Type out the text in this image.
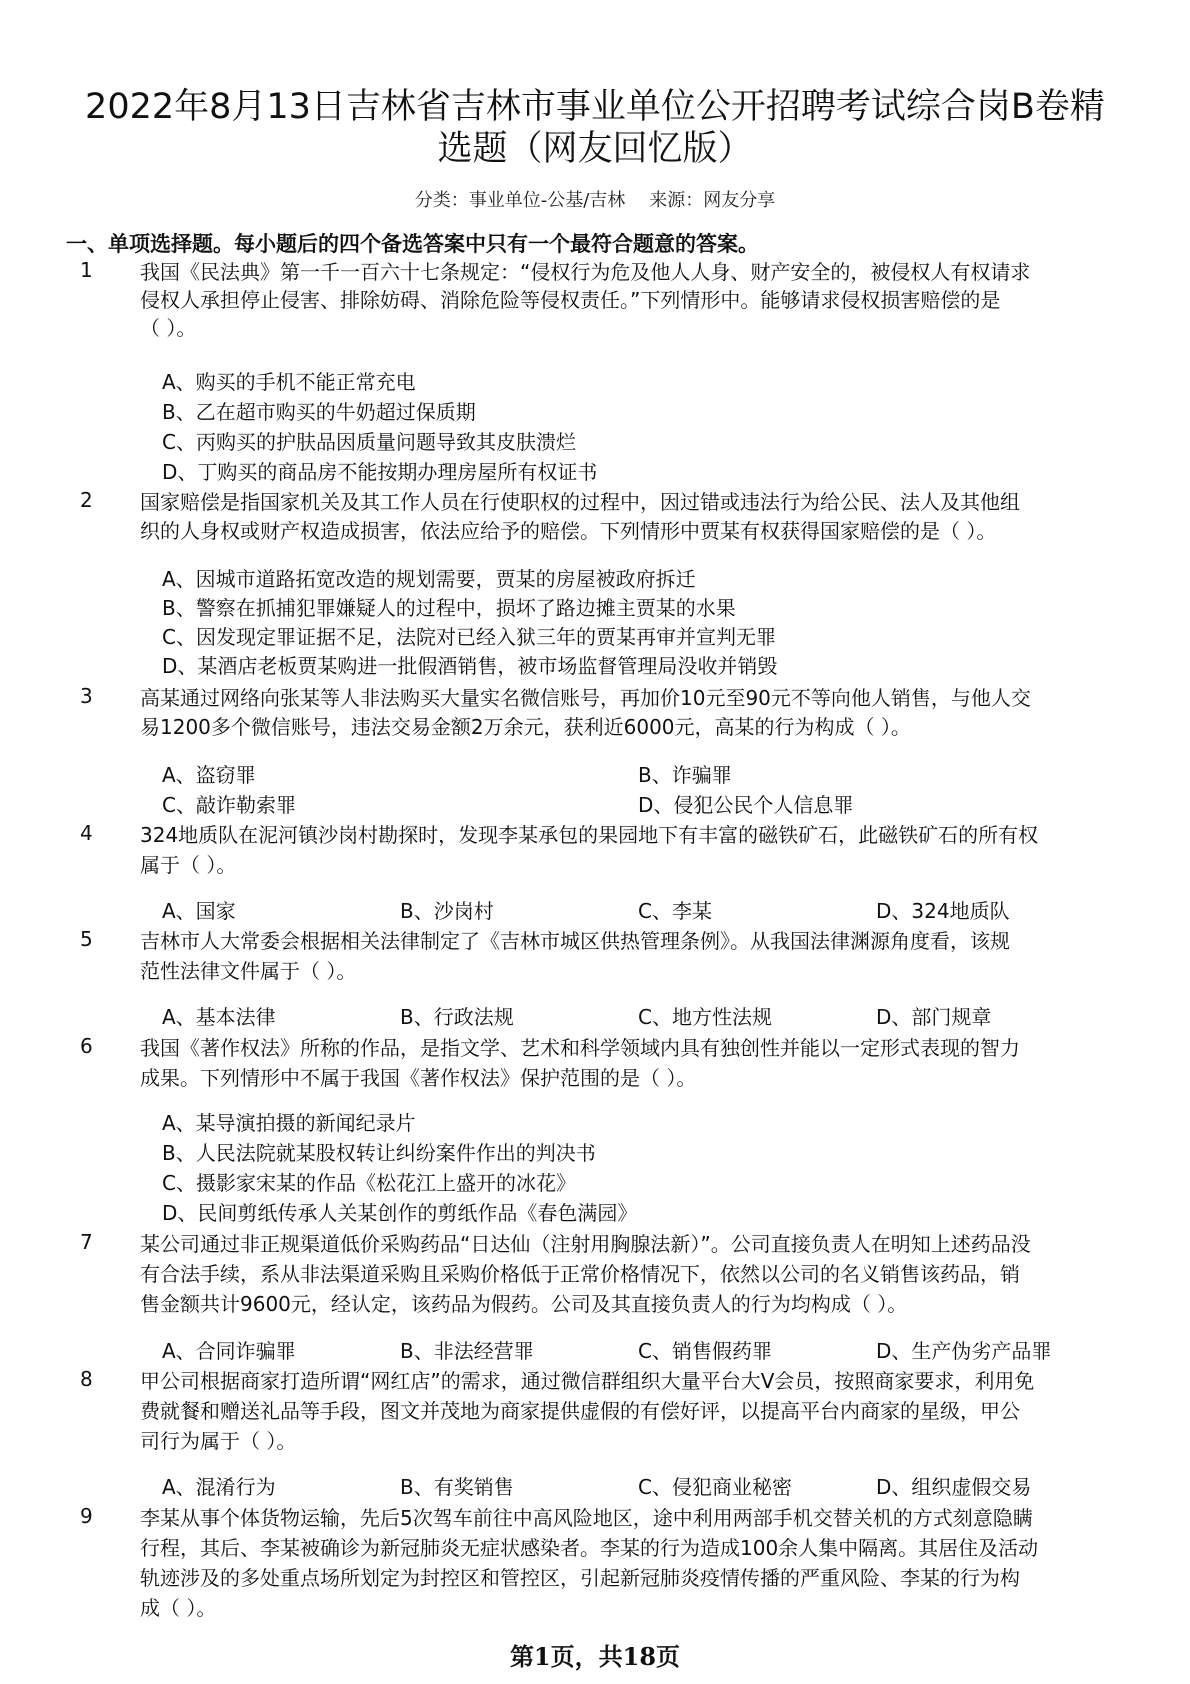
2022年8月13日吉林省吉林市事业单位公开招聘考试综合岗B卷精
选题（网友回忆版）
分类：事业单位-公基/吉林 来源：网友分享
一、单项选择题。每小题后的四个备选答案中只有一个最符合题意的答案。
1 我国《民法典》第一千一百六十七条规定：“侵权行为危及他人人身、财产安全的，被侵权人有权请求
侵权人承担停止侵害、排除妨碍、消除危险等侵权责任。”下列情形中。能够请求侵权损害赔偿的是
（ ）。
A、购买的手机不能正常充电
B、乙在超市购买的牛奶超过保质期
C、丙购买的护肤品因质量问题导致其皮肤溃烂
D、丁购买的商品房不能按期办理房屋所有权证书
2 国家赔偿是指国家机关及其工作人员在行使职权的过程中，因过错或违法行为给公民、法人及其他组
织的人身权或财产权造成损害，依法应给予的赔偿。下列情形中贾某有权获得国家赔偿的是（ ）。
A、因城市道路拓宽改造的规划需要，贾某的房屋被政府拆迁
B、警察在抓捕犯罪嫌疑人的过程中，损坏了路边摊主贾某的水果
C、因发现定罪证据不足，法院对已经入狱三年的贾某再审并宣判无罪
D、某酒店老板贾某购进一批假酒销售，被市场监督管理局没收并销毁
3 高某通过网络向张某等人非法购买大量实名微信账号，再加价10元至90元不等向他人销售，与他人交
易1200多个微信账号，违法交易金额2万余元，获利近6000元，高某的行为构成（ ）。
A、盗窃罪	B、诈骗罪
C、敲诈勒索罪	D、侵犯公民个人信息罪
4 324地质队在泥河镇沙岗村勘探时，发现李某承包的果园地下有丰富的磁铁矿石，此磁铁矿石的所有权
属于（ ）。
A、国家	B、沙岗村	C、李某	D、324地质队
5 吉林市人大常委会根据相关法律制定了《吉林市城区供热管理条例》。从我国法律渊源角度看，该规
范性法律文件属于（ ）。
A、基本法律	B、行政法规	C、地方性法规	D、部门规章
6 我国《著作权法》所称的作品，是指文学、艺术和科学领域内具有独创性并能以一定形式表现的智力
成果。下列情形中不属于我国《著作权法》保护范围的是（ ）。
A、某导演拍摄的新闻纪录片
B、人民法院就某股权转让纠纷案件作出的判决书
C、摄影家宋某的作品《松花江上盛开的冰花》
D、民间剪纸传承人关某创作的剪纸作品《春色满园》
7 某公司通过非正规渠道低价采购药品“日达仙（注射用胸腺法新）”。公司直接负责人在明知上述药品没
有合法手续，系从非法渠道采购且采购价格低于正常价格情况下，依然以公司的名义销售该药品，销
售金额共计9600元，经认定，该药品为假药。公司及其直接负责人的行为均构成（ ）。
A、合同诈骗罪	B、非法经营罪	C、销售假药罪	D、生产伪劣产品罪
8 甲公司根据商家打造所谓“网红店”的需求，通过微信群组织大量平台大V会员，按照商家要求，利用免
费就餐和赠送礼品等手段，图文并茂地为商家提供虚假的有偿好评，以提高平台内商家的星级，甲公
司行为属于（ ）。
A、混淆行为	B、有奖销售	C、侵犯商业秘密	D、组织虚假交易
9 李某从事个体货物运输，先后5次驾车前往中高风险地区，途中利用两部手机交替关机的方式刻意隐瞒
行程，其后、李某被确诊为新冠肺炎无症状感染者。李某的行为造成100余人集中隔离。其居住及活动
轨迹涉及的多处重点场所划定为封控区和管控区，引起新冠肺炎疫情传播的严重风险、李某的行为构
成（ ）。
第1页，共18页
